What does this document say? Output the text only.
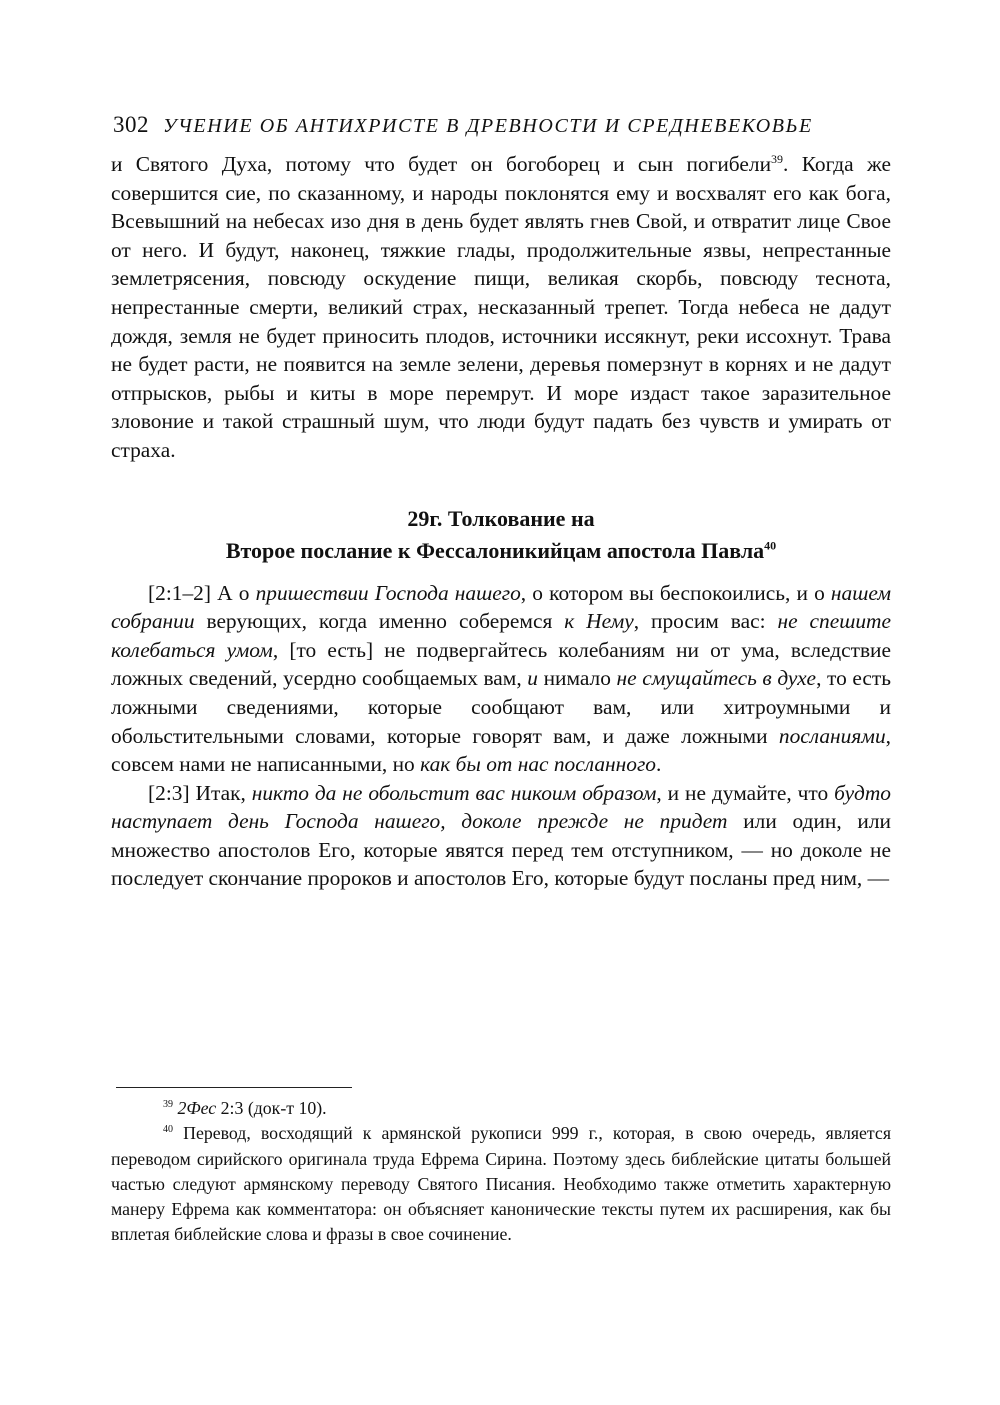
302 УЧЕНИЕ ОБ АНТИХРИСТЕ В ДРЕВНОСТИ И СРЕДНЕВЕКОВЬЕ

и Святого Духа, потому что будет он богоборец и сын погибели$^{39}$. Когда же совершится сие, по сказанному, и народы поклонятся ему и восхвалят его как бога, Всевышний на небесах изо дня в день будет являть гнев Свой, и отвратит лице Свое от него. И будут, наконец, тяжкие глады, продолжительные язвы, непрестанные землетрясения, повсюду оскудение пищи, великая скорбь, повсюду теснота, непрестанные смерти, великий страх, несказанный трепет. Тогда небеса не дадут дождя, земля не будет приносить плодов, источники иссякнут, реки иссохнут. Трава не будет расти, не появится на земле зелени, деревья померзнут в корнях и не дадут отпрысков, рыбы и киты в море перемрут. И море издаст такое заразительное зловоние и такой страшный шум, что люди будут падать без чувств и умирать от страха.

29г. Толкование на
Второе послание к Фессалоникийцам апостола Павла$^{40}$

[2:1–2] А о пришествии Господа нашего, о котором вы беспокоились, и о нашем собрании верующих, когда именно соберемся к Нему, просим вас: не спешите колебаться умом, [то есть] не подвергайтесь колебаниям ни от ума, вследствие ложных сведений, усердно сообщаемых вам, и нимало не смущайтесь в духе, то есть ложными сведениями, которые сообщают вам, или хитроумными и обольстительными словами, которые говорят вам, и даже ложными посланиями, совсем нами не написанными, но как бы от нас посланного.

[2:3] Итак, никто да не обольстит вас никоим образом, и не думайте, что будто наступает день Господа нашего, доколе прежде не придет или один, или множество апостолов Его, которые явятся перед тем отступником, — но доколе не последует скончание пророков и апостолов Его, которые будут посланы пред ним, —

$^{39}$ 2Фес 2:3 (док-т 10).

$^{40}$ Перевод, восходящий к армянской рукописи 999 г., которая, в свою очередь, является переводом сирийского оригинала труда Ефрема Сирина. Поэтому здесь библейские цитаты большей частью следуют армянскому переводу Святого Писания. Необходимо также отметить характерную манеру Ефрема как комментатора: он объясняет канонические тексты путем их расширения, как бы вплетая библейские слова и фразы в свое сочинение.
